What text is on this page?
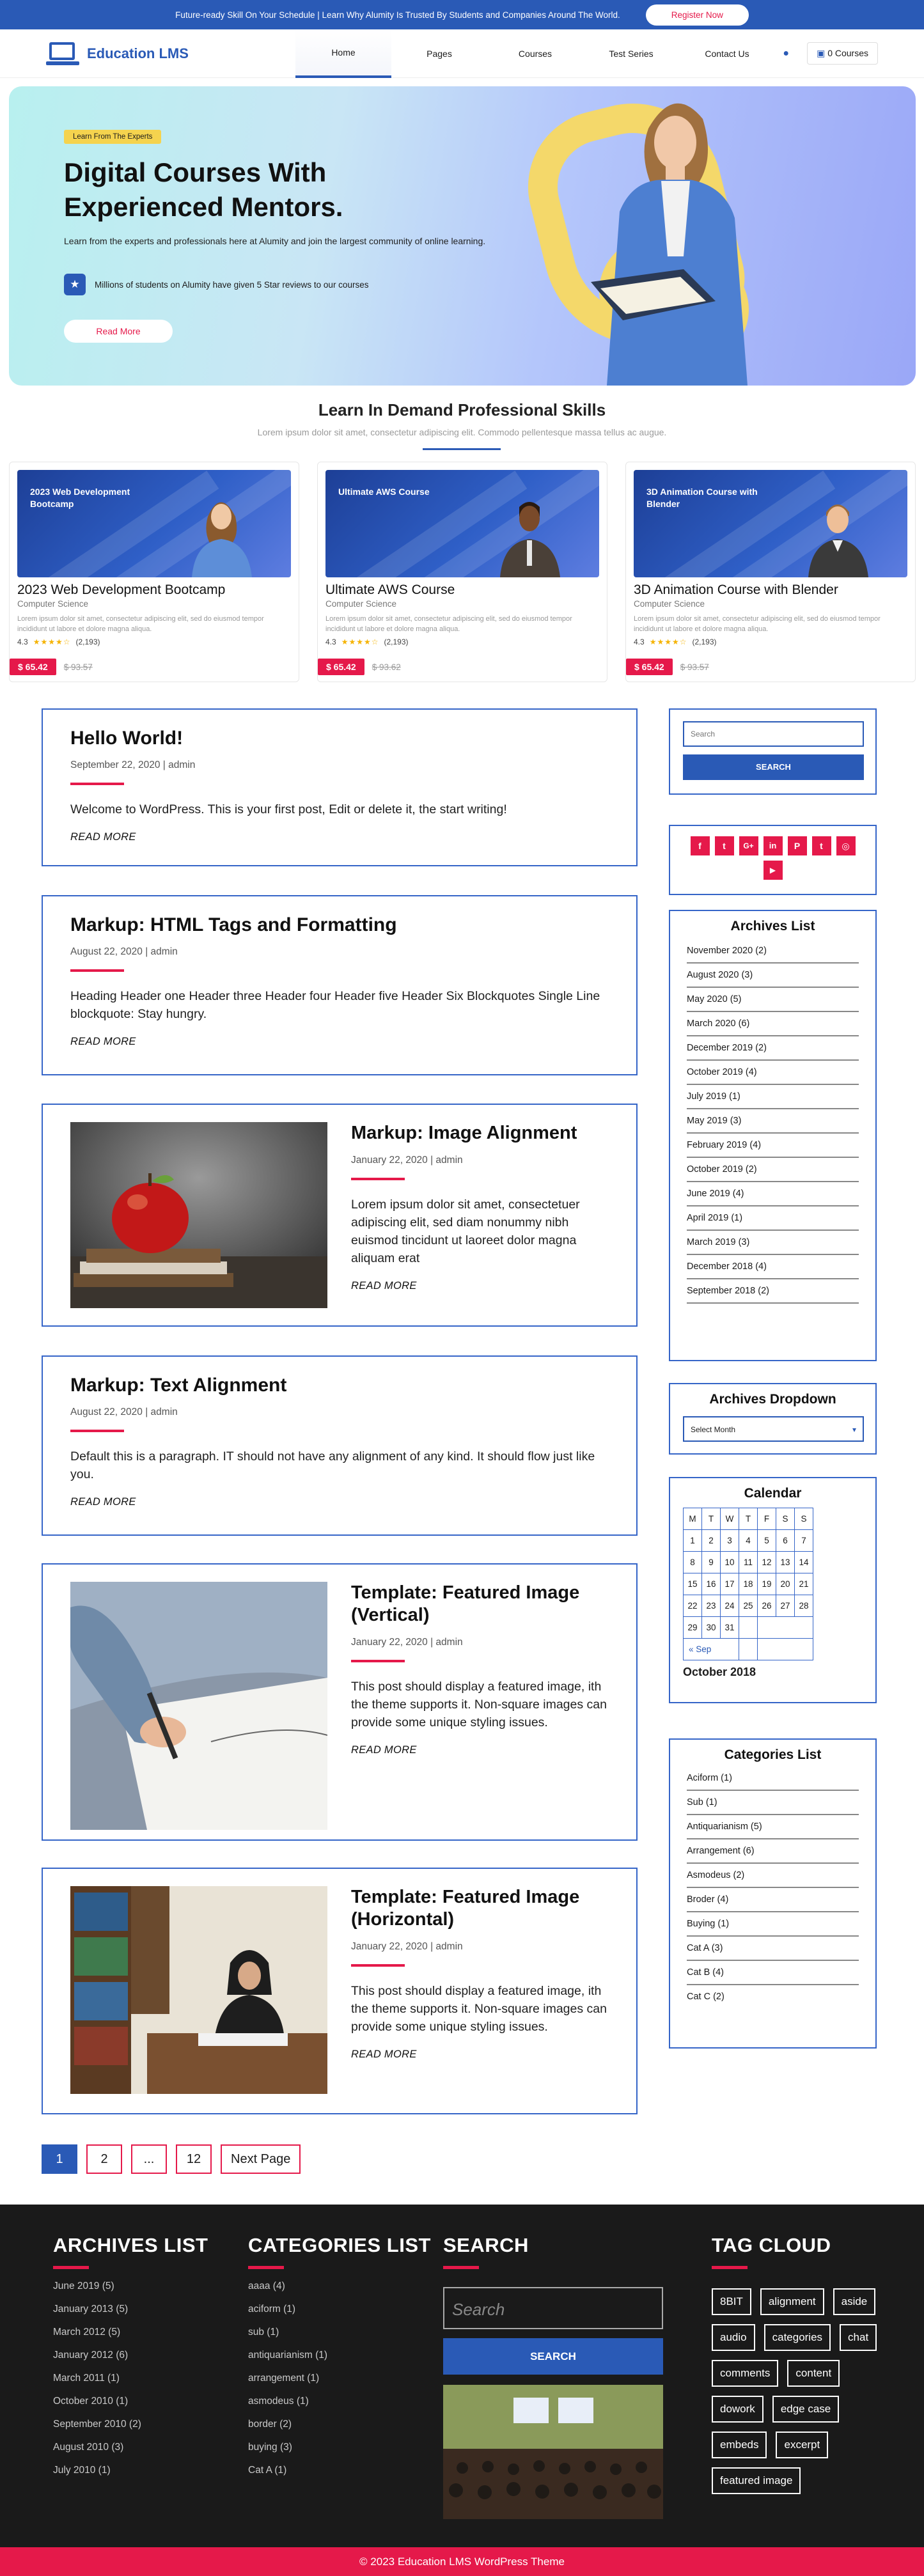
Future-ready Skill On Your Schedule | Learn Why Alumity Is Trusted By Students and Companies Around The World.	Register Now
Education LMS	Home	Pages	Courses	Test Series	Contact Us	●	▣ 0 Courses
Learn From The Experts
Digital Courses With Experienced Mentors.

Learn from the experts and professionals here at Alumity and join the largest community of online learning.

★	Millions of students on Alumity have given 5 Star reviews to our courses
Read More
Learn In Demand Professional Skills
Lorem ipsum dolor sit amet, consectetur adipiscing elit. Commodo pellentesque massa tellus ac augue.
2023 Web Development Bootcamp
2023 Web Development Bootcamp
Computer Science
Lorem ipsum dolor sit amet, consectetur adipiscing elit, sed do eiusmod tempor incididunt ut labore et dolore magna aliqua.
4.3 ★★★★☆ (2,193)
$ 65.42	$ 93.57
Ultimate AWS Course
Ultimate AWS Course
Computer Science
Lorem ipsum dolor sit amet, consectetur adipiscing elit, sed do eiusmod tempor incididunt ut labore et dolore magna aliqua.
4.3 ★★★★☆ (2,193)
$ 65.42	$ 93.62
3D Animation Course with Blender
3D Animation Course with Blender
Computer Science
Lorem ipsum dolor sit amet, consectetur adipiscing elit, sed do eiusmod tempor incididunt ut labore et dolore magna aliqua.
4.3 ★★★★☆ (2,193)
$ 65.42	$ 93.57
Hello World!
September 22, 2020 | admin
Welcome to WordPress. This is your first post, Edit or delete it, the start writing!
READ MORE
Markup: HTML Tags and Formatting
August 22, 2020 | admin
Heading Header one Header three Header four Header five Header Six Blockquotes Single Line blockquote: Stay hungry.
READ MORE
Markup: Image Alignment
January 22, 2020 | admin
Lorem ipsum dolor sit amet, consectetuer adipiscing elit, sed diam nonummy nibh euismod tincidunt ut laoreet dolor magna aliquam erat
READ MORE
Markup: Text Alignment
August 22, 2020 | admin
Default this is a paragraph. IT should not have any alignment of any kind. It should flow just like you.
READ MORE
Template: Featured Image (Vertical)
January 22, 2020 | admin
This post should display a featured image, ith the theme supports it. Non-square images can provide some unique styling issues.
READ MORE
Template: Featured Image (Horizontal)
January 22, 2020 | admin
This post should display a featured image, ith the theme supports it. Non-square images can provide some unique styling issues.
READ MORE
1	2	...	12	Next Page
Search
SEARCH
f	t	G+	in	P	t	◎
▶
Archives List
November 2020 (2)
August 2020 (3)
May 2020 (5)
March 2020 (6)
December 2019 (2)
October 2019 (4)
July 2019 (1)
May 2019 (3)
February 2019 (4)
October 2019 (2)
June 2019 (4)
April 2019 (1)
March 2019 (3)
December 2018 (4)
September 2018 (2)
Archives Dropdown
Select Month	▾
Calendar
M	T	W	T	F	S	S
1	2	3	4	5	6	7
8	9	10	11	12	13	14
15	16	17	18	19	20	21
22	23	24	25	26	27	28
29	30	31				
« Sep						
October 2018
Categories List
Aciform (1)
Sub (1)
Antiquarianism (5)
Arrangement (6)
Asmodeus (2)
Broder (4)
Buying (1)
Cat A (3)
Cat B (4)
Cat C (2)
ARCHIVES LIST
June 2019 (5)
January 2013 (5)
March 2012 (5)
January 2012 (6)
March 2011 (1)
October 2010 (1)
September 2010 (2)
August 2010 (3)
July 2010 (1)
CATEGORIES LIST
aaaa (4)
aciform (1)
sub (1)
antiquarianism (1)
arrangement (1)
asmodeus (1)
border (2)
buying (3)
Cat A (1)
SEARCH
Search
SEARCH
TAG CLOUD
8BIT	alignment	aside
audio	categories	chat
comments	content
dowork	edge case
embeds	excerpt
featured image
© 2023 Education LMS WordPress Theme
